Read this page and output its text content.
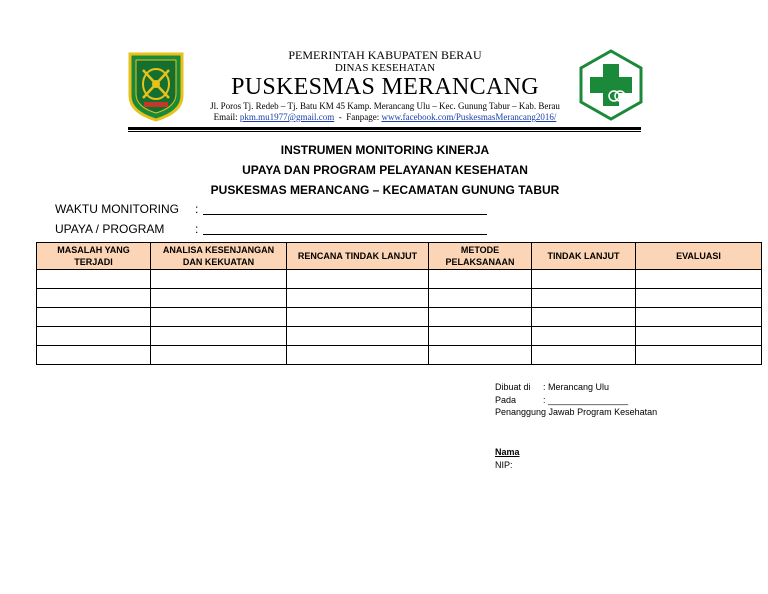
PEMERINTAH KABUPATEN BERAU
DINAS KESEHATAN
PUSKESMAS MERANCANG
Jl. Poros Tj. Redeb – Tj. Batu KM 45 Kamp. Merancang Ulu – Kec. Gunung Tabur – Kab. Berau
Email: pkm.mu1977@gmail.com - Fanpage: www.facebook.com/PuskesmasMerancang2016/
INSTRUMEN MONITORING KINERJA
UPAYA DAN PROGRAM PELAYANAN KESEHATAN
PUSKESMAS MERANCANG – KECAMATAN GUNUNG TABUR
WAKTU MONITORING :
UPAYA / PROGRAM	:
MASALAH YANG TERJADI	ANALISA KESENJANGAN DAN KEKUATAN	RENCANA TINDAK LANJUT	METODE PELAKSANAAN	TINDAK LANJUT	EVALUASI

Dibuat di : Merancang Ulu
Pada	: ________________
Penanggung Jawab Program Kesehatan
Nama
NIP:
